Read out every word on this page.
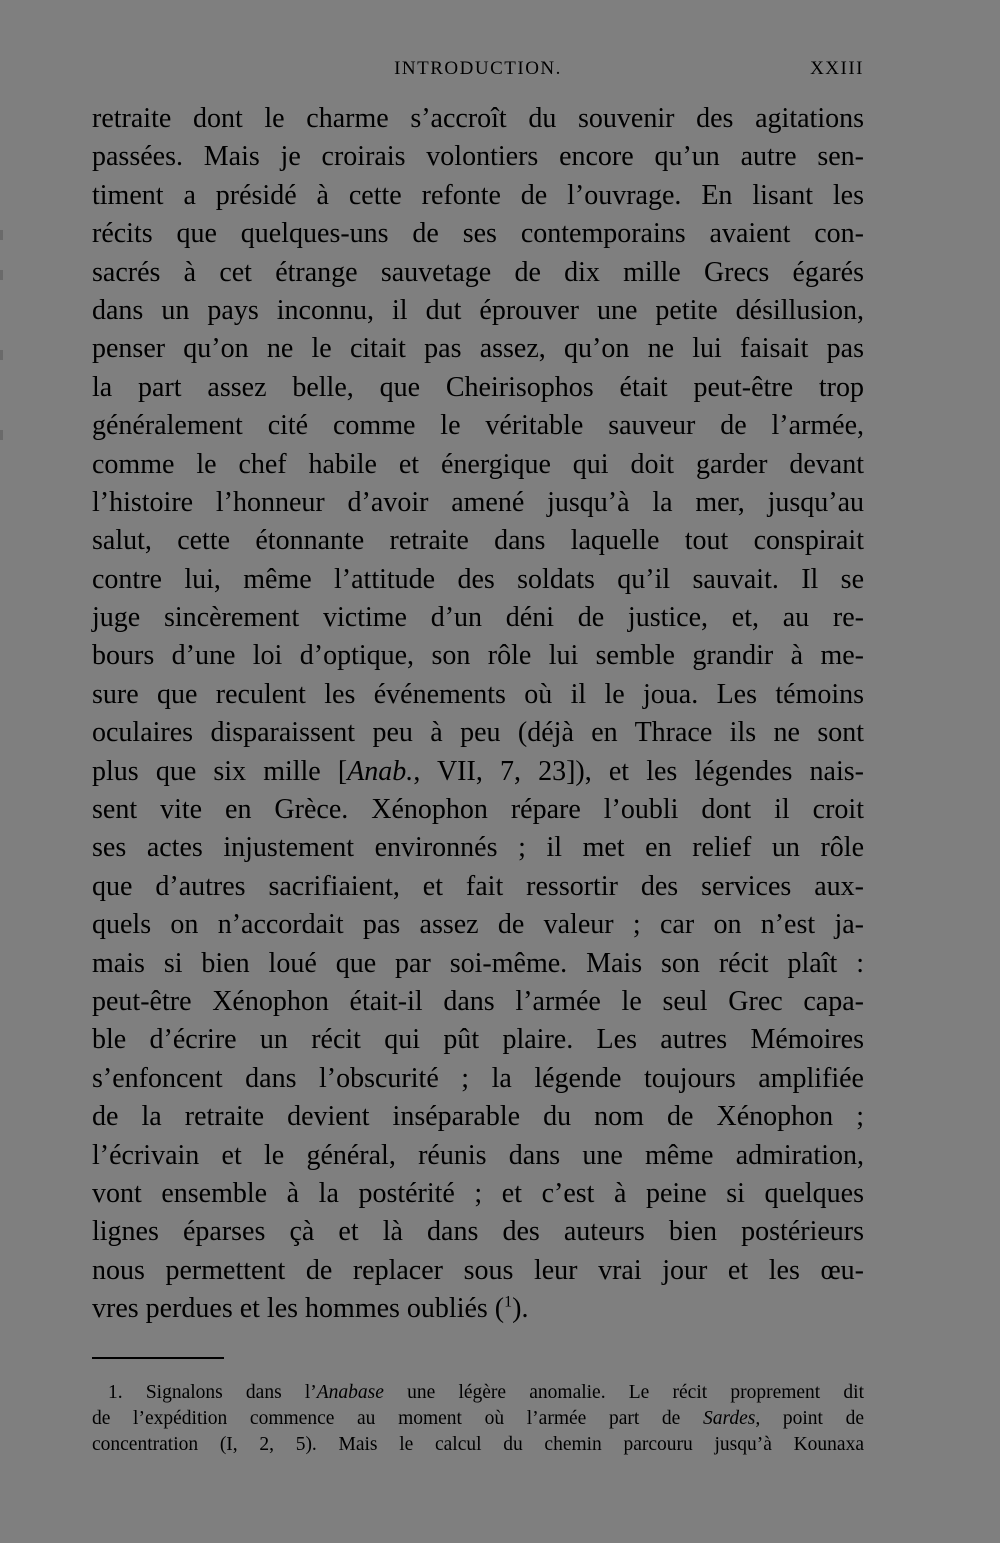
INTRODUCTION.	XXIII
retraite dont le charme s’accroît du souvenir des agitations
passées. Mais je croirais volontiers encore qu’un autre sen-
timent a présidé à cette refonte de l’ouvrage. En lisant les
récits que quelques-uns de ses contemporains avaient con-
sacrés à cet étrange sauvetage de dix mille Grecs égarés
dans un pays inconnu, il dut éprouver une petite désillusion,
penser qu’on ne le citait pas assez, qu’on ne lui faisait pas
la part assez belle, que Cheirisophos était peut-être trop
généralement cité comme le véritable sauveur de l’armée,
comme le chef habile et énergique qui doit garder devant
l’histoire l’honneur d’avoir amené jusqu’à la mer, jusqu’au
salut, cette étonnante retraite dans laquelle tout conspirait
contre lui, même l’attitude des soldats qu’il sauvait. Il se
juge sincèrement victime d’un déni de justice, et, au re-
bours d’une loi d’optique, son rôle lui semble grandir à me-
sure que reculent les événements où il le joua. Les témoins
oculaires disparaissent peu à peu (déjà en Thrace ils ne sont
plus que six mille [Anab., VII, 7, 23]), et les légendes nais-
sent vite en Grèce. Xénophon répare l’oubli dont il croit
ses actes injustement environnés ; il met en relief un rôle
que d’autres sacrifiaient, et fait ressortir des services aux-
quels on n’accordait pas assez de valeur ; car on n’est ja-
mais si bien loué que par soi-même. Mais son récit plaît :
peut-être Xénophon était-il dans l’armée le seul Grec capa-
ble d’écrire un récit qui pût plaire. Les autres Mémoires
s’enfoncent dans l’obscurité ; la légende toujours amplifiée
de la retraite devient inséparable du nom de Xénophon ;
l’écrivain et le général, réunis dans une même admiration,
vont ensemble à la postérité ; et c’est à peine si quelques
lignes éparses çà et là dans des auteurs bien postérieurs
nous permettent de replacer sous leur vrai jour et les œu-
vres perdues et les hommes oubliés ($^1$).
1. Signalons dans l’Anabase une légère anomalie. Le récit proprement dit
de l’expédition commence au moment où l’armée part de Sardes, point de
concentration (I, 2, 5). Mais le calcul du chemin parcouru jusqu’à Kounaxa
